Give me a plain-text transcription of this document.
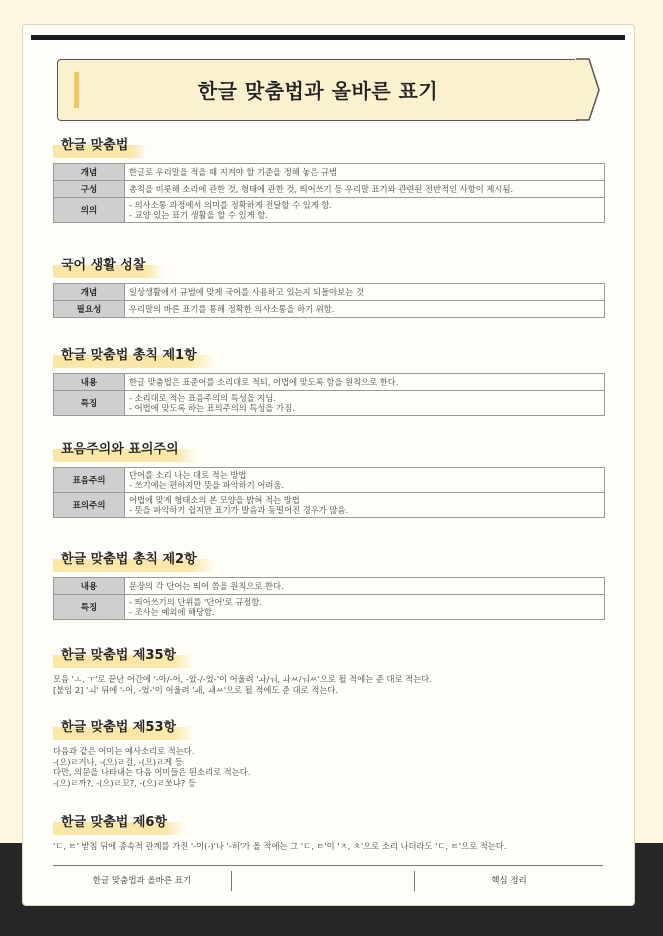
한글 맞춤법과 올바른 표기
한글 맞춤법
개념	한글로 우리말을 적을 때 지켜야 할 기준을 정해 놓은 규범

구성	총칙을 비롯해 소리에 관한 것, 형태에 관한 것, 띄어쓰기 등 우리말 표기와 관련된 전반적인 사항이 제시됨.

의의	- 의사소통 과정에서 의미를 정확하게 전달할 수 있게 함.
- 교양 있는 표기 생활을 할 수 있게 함.
국어 생활 성찰
개념	일상생활에서 규범에 맞게 국어를 사용하고 있는지 되돌아보는 것

필요성	우리말의 바른 표기를 통해 정확한 의사소통을 하기 위함.
한글 맞춤법 총칙 제1항
내용	한글 맞춤법은 표준어를 소리대로 적되, 어법에 맞도록 함을 원칙으로 한다.

특징	- 소리대로 적는 표음주의의 특성을 지님.
- 어법에 맞도록 하는 표의주의의 특성을 가짐.
표음주의와 표의주의
표음주의	단어를 소리 나는 대로 적는 방법
- 쓰기에는 편하지만 뜻을 파악하기 어려움.

표의주의	어법에 맞게 형태소의 본 모양을 밝혀 적는 방법
- 뜻을 파악하기 쉽지만 표기가 발음과 동떨어진 경우가 많음.
한글 맞춤법 총칙 제2항
내용	문장의 각 단어는 띄어 씀을 원칙으로 한다.

특징	- 띄어쓰기의 단위를 '단어'로 규정함.
- 조사는 예외에 해당함.
한글 맞춤법 제35항
모음 'ㅗ, ㅜ'로 끝난 어간에 '-아/-어, -았-/-었-'이 어울려 'ㅘ/ㅝ, ㅘㅆ/ㅝㅆ'으로 될 적에는 준 대로 적는다.
[붙임 2] 'ㅚ' 뒤에 '-어, -었-'이 어울려 'ㅙ, ㅙㅆ'으로 될 적에도 준 대로 적는다.
한글 맞춤법 제53항
다음과 같은 어미는 예사소리로 적는다.
-(으)ㄹ거나, -(으)ㄹ걸, -(으)ㄹ게 등
다만, 의문을 나타내는 다음 어미들은 된소리로 적는다.
-(으)ㄹ까?, -(으)ㄹ꼬?, -(으)ㄹ쏘냐? 등
한글 맞춤법 제6항
'ㄷ, ㅌ' 받침 뒤에 종속적 관계를 가진 '-이(-)'나 '-히'가 올 적에는 그 'ㄷ, ㅌ'이 'ㅈ, ㅊ'으로 소리 나더라도 'ㄷ, ㅌ'으로 적는다.
한글 맞춤법과 올바른 표기	핵심 정리
